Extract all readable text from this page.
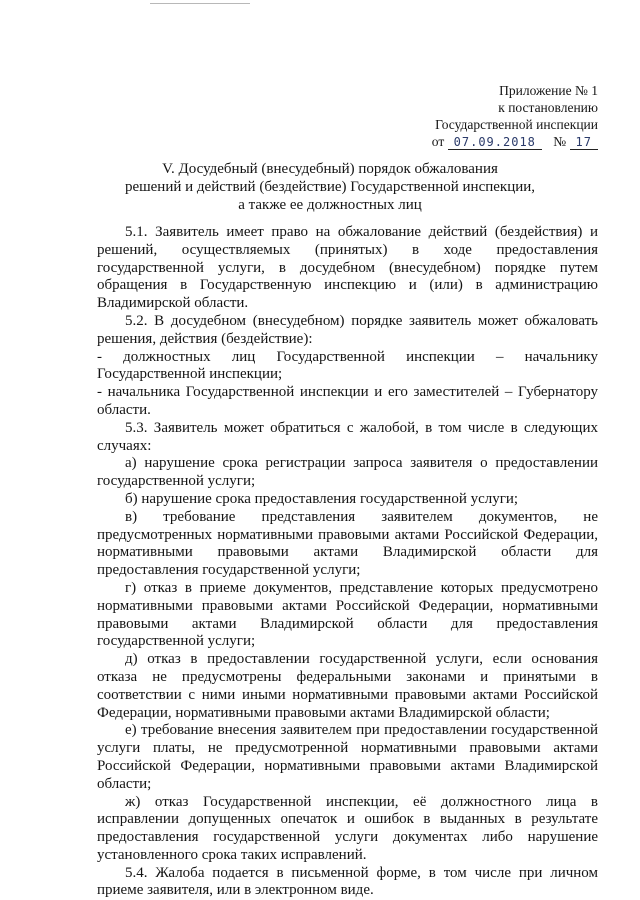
Приложение № 1
к постановлению
Государственной инспекции
от 07.09.2018 № 17
V. Досудебный (внесудебный) порядок обжалования
решений и действий (бездействие) Государственной инспекции,
а также ее должностных лиц

5.1. Заявитель имеет право на обжалование действий (бездействия) и решений, осуществляемых (принятых) в ходе предоставления государственной услуги, в досудебном (внесудебном) порядке путем обращения в Государственную инспекцию и (или) в администрацию Владимирской области.

5.2. В досудебном (внесудебном) порядке заявитель может обжаловать решения, действия (бездействие):

- должностных лиц Государственной инспекции – начальнику Государственной инспекции;

- начальника Государственной инспекции и его заместителей – Губернатору области.

5.3. Заявитель может обратиться с жалобой, в том числе в следующих случаях:

а) нарушение срока регистрации запроса заявителя о предоставлении государственной услуги;

б) нарушение срока предоставления государственной услуги;

в) требование представления заявителем документов, не предусмотренных нормативными правовыми актами Российской Федерации, нормативными правовыми актами Владимирской области для предоставления государственной услуги;

г) отказ в приеме документов, представление которых предусмотрено нормативными правовыми актами Российской Федерации, нормативными правовыми актами Владимирской области для предоставления государственной услуги;

д) отказ в предоставлении государственной услуги, если основания отказа не предусмотрены федеральными законами и принятыми в соответствии с ними иными нормативными правовыми актами Российской Федерации, нормативными правовыми актами Владимирской области;

е) требование внесения заявителем при предоставлении государственной услуги платы, не предусмотренной нормативными правовыми актами Российской Федерации, нормативными правовыми актами Владимирской области;

ж) отказ Государственной инспекции, её должностного лица в исправлении допущенных опечаток и ошибок в выданных в результате предоставления государственной услуги документах либо нарушение установленного срока таких исправлений.

5.4. Жалоба подается в письменной форме, в том числе при личном приеме заявителя, или в электронном виде.
